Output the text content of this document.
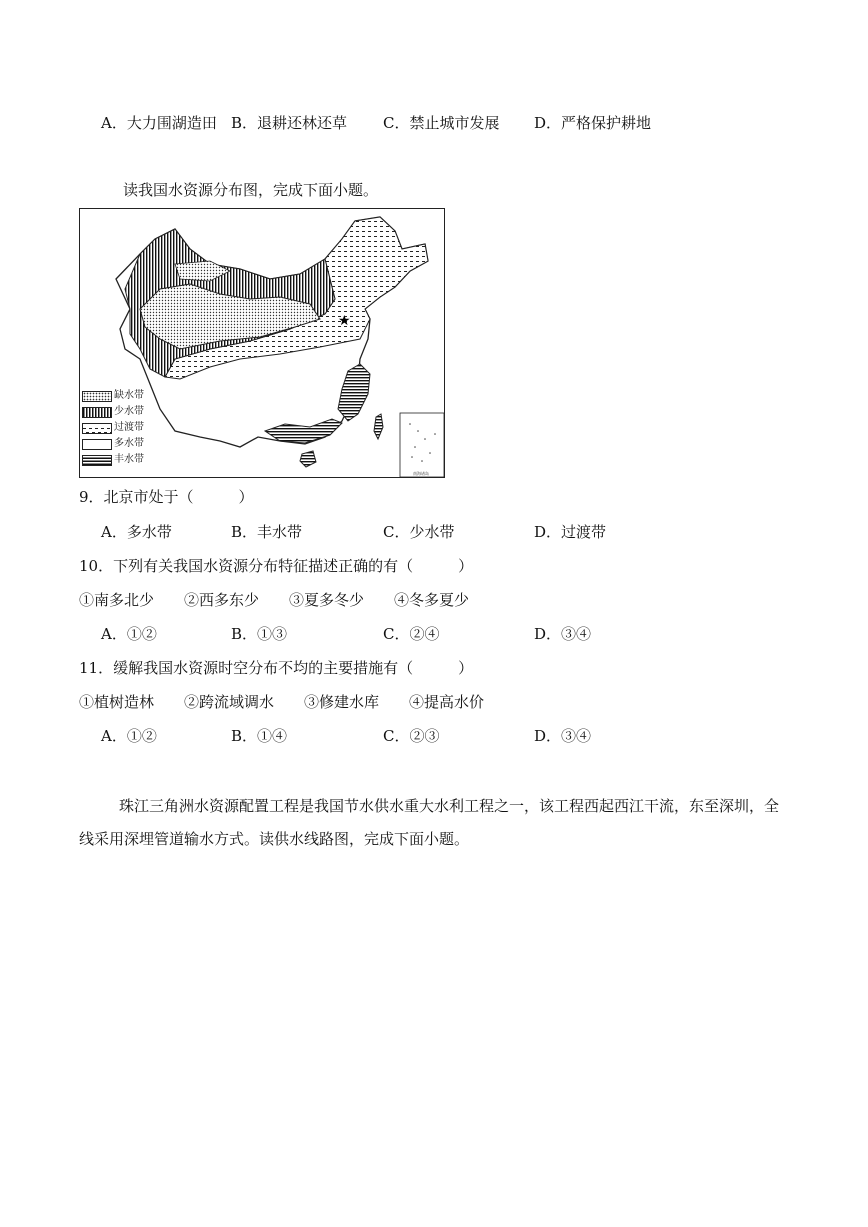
A．大力围湖造田 B．退耕还林还草 C．禁止城市发展 D．严格保护耕地
读我国水资源分布图，完成下面小题。
★
南海诸岛
缺水带
少水带
过渡带
多水带
丰水带
9．北京市处于（　　　）
A．多水带	B．丰水带	C．少水带	D．过渡带
10．下列有关我国水资源分布特征描述正确的有（　　　）
①南多北少　　②西多东少　　③夏多冬少　　④冬多夏少
A．①②	B．①③	C．②④	D．③④
11．缓解我国水资源时空分布不均的主要措施有（　　　）
①植树造林　　②跨流域调水　　③修建水库　　④提高水价
A．①②	B．①④	C．②③	D．③④
珠江三角洲水资源配置工程是我国节水供水重大水利工程之一，该工程西起西江干流，东至深圳，全
线采用深埋管道输水方式。读供水线路图，完成下面小题。
